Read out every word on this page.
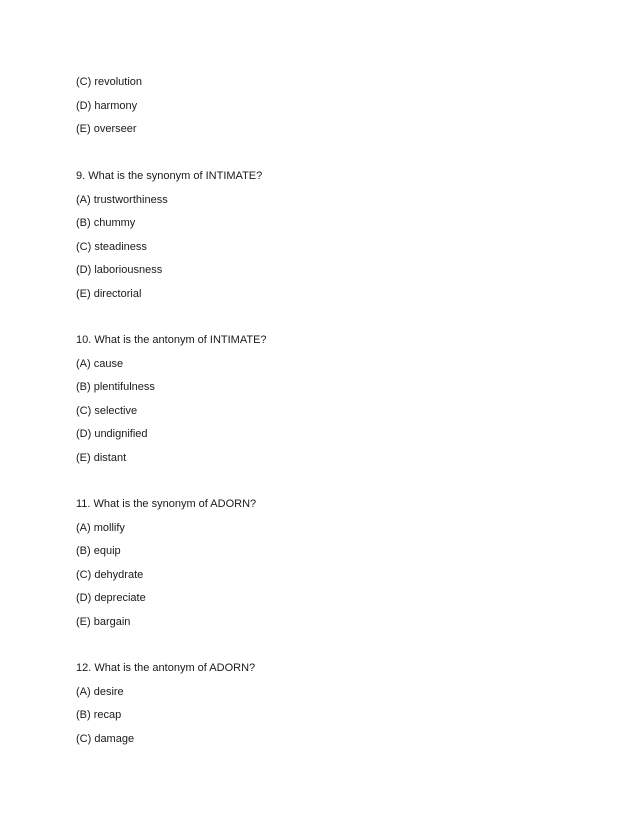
(C) revolution
(D) harmony
(E) overseer
9. What is the synonym of INTIMATE?
(A) trustworthiness
(B) chummy
(C) steadiness
(D) laboriousness
(E) directorial
10. What is the antonym of INTIMATE?
(A) cause
(B) plentifulness
(C) selective
(D) undignified
(E) distant
11. What is the synonym of ADORN?
(A) mollify
(B) equip
(C) dehydrate
(D) depreciate
(E) bargain
12. What is the antonym of ADORN?
(A) desire
(B) recap
(C) damage
